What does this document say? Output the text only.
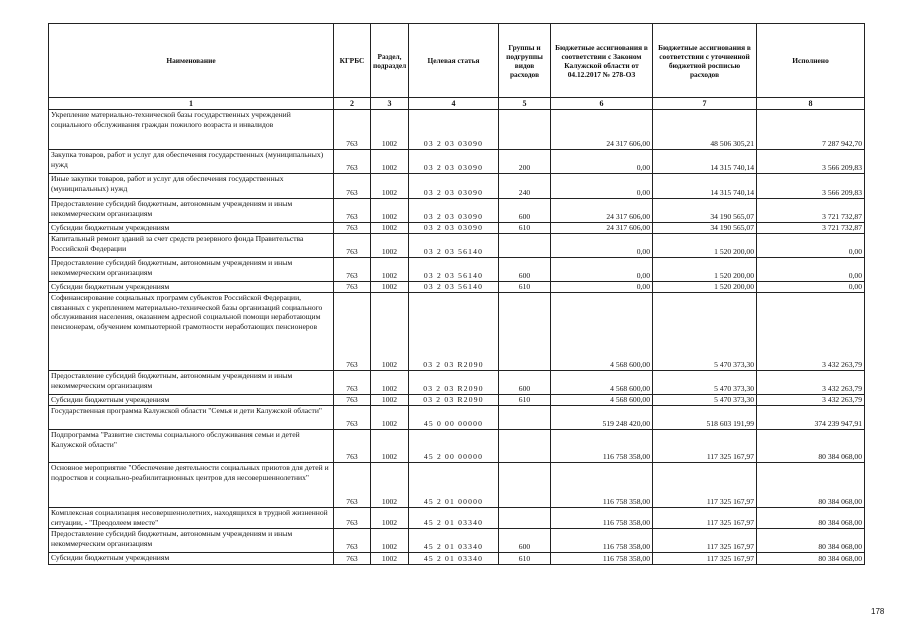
Наименование	КГРБС	Раздел, подраздел	Целевая статья	Группы и подгруппы видов расходов	Бюджетные ассигнования в соответствии с Законом Калужской области от 04.12.2017 № 278-ОЗ	Бюджетные ассигнования в соответствии с уточненной бюджетной росписью расходов	Исполнено
1	2	3	4	5	6	7	8
Укрепление материально-технической базы государственных учреждений социального обслуживания граждан пожилого возраста и инвалидов	763	1002	03 2 03 03090		24 317 606,00	48 506 305,21	7 287 942,70
Закупка товаров, работ и услуг для обеспечения государственных (муниципальных) нужд	763	1002	03 2 03 03090	200	0,00	14 315 740,14	3 566 209,83
Иные закупки товаров, работ и услуг для обеспечения государственных (муниципальных) нужд	763	1002	03 2 03 03090	240	0,00	14 315 740,14	3 566 209,83
Предоставление субсидий бюджетным, автономным учреждениям и иным некоммерческим организациям	763	1002	03 2 03 03090	600	24 317 606,00	34 190 565,07	3 721 732,87
Субсидии бюджетным учреждениям	763	1002	03 2 03 03090	610	24 317 606,00	34 190 565,07	3 721 732,87
Капитальный ремонт зданий за счет средств резервного фонда Правительства Российской Федерации	763	1002	03 2 03 56140		0,00	1 520 200,00	0,00
Предоставление субсидий бюджетным, автономным учреждениям и иным некоммерческим организациям	763	1002	03 2 03 56140	600	0,00	1 520 200,00	0,00
Субсидии бюджетным учреждениям	763	1002	03 2 03 56140	610	0,00	1 520 200,00	0,00
Софинансирование социальных программ субъектов Российской Федерации, связанных с укреплением материально-технической базы организаций социального обслуживания населения, оказанием адресной социальной помощи неработающим пенсионерам, обучением компьютерной грамотности неработающих пенсионеров	763	1002	03 2 03 R2090		4 568 600,00	5 470 373,30	3 432 263,79
Предоставление субсидий бюджетным, автономным учреждениям и иным некоммерческим организациям	763	1002	03 2 03 R2090	600	4 568 600,00	5 470 373,30	3 432 263,79
Субсидии бюджетным учреждениям	763	1002	03 2 03 R2090	610	4 568 600,00	5 470 373,30	3 432 263,79
Государственная программа Калужской области "Семья и дети Калужской области"	763	1002	45 0 00 00000		519 248 420,00	518 603 191,99	374 239 947,91
Подпрограмма "Развитие системы социального обслуживания семьи и детей Калужской области"	763	1002	45 2 00 00000		116 758 358,00	117 325 167,97	80 384 068,00
Основное мероприятие "Обеспечение деятельности социальных приютов для детей и подростков и социально-реабилитационных центров для несовершеннолетних"	763	1002	45 2 01 00000		116 758 358,00	117 325 167,97	80 384 068,00
Комплексная социализация несовершеннолетних, находящихся в трудной жизненной ситуации, - "Преодолеем вместе"	763	1002	45 2 01 03340		116 758 358,00	117 325 167,97	80 384 068,00
Предоставление субсидий бюджетным, автономным учреждениям и иным некоммерческим организациям	763	1002	45 2 01 03340	600	116 758 358,00	117 325 167,97	80 384 068,00
Субсидии бюджетным учреждениям	763	1002	45 2 01 03340	610	116 758 358,00	117 325 167,97	80 384 068,00
178
